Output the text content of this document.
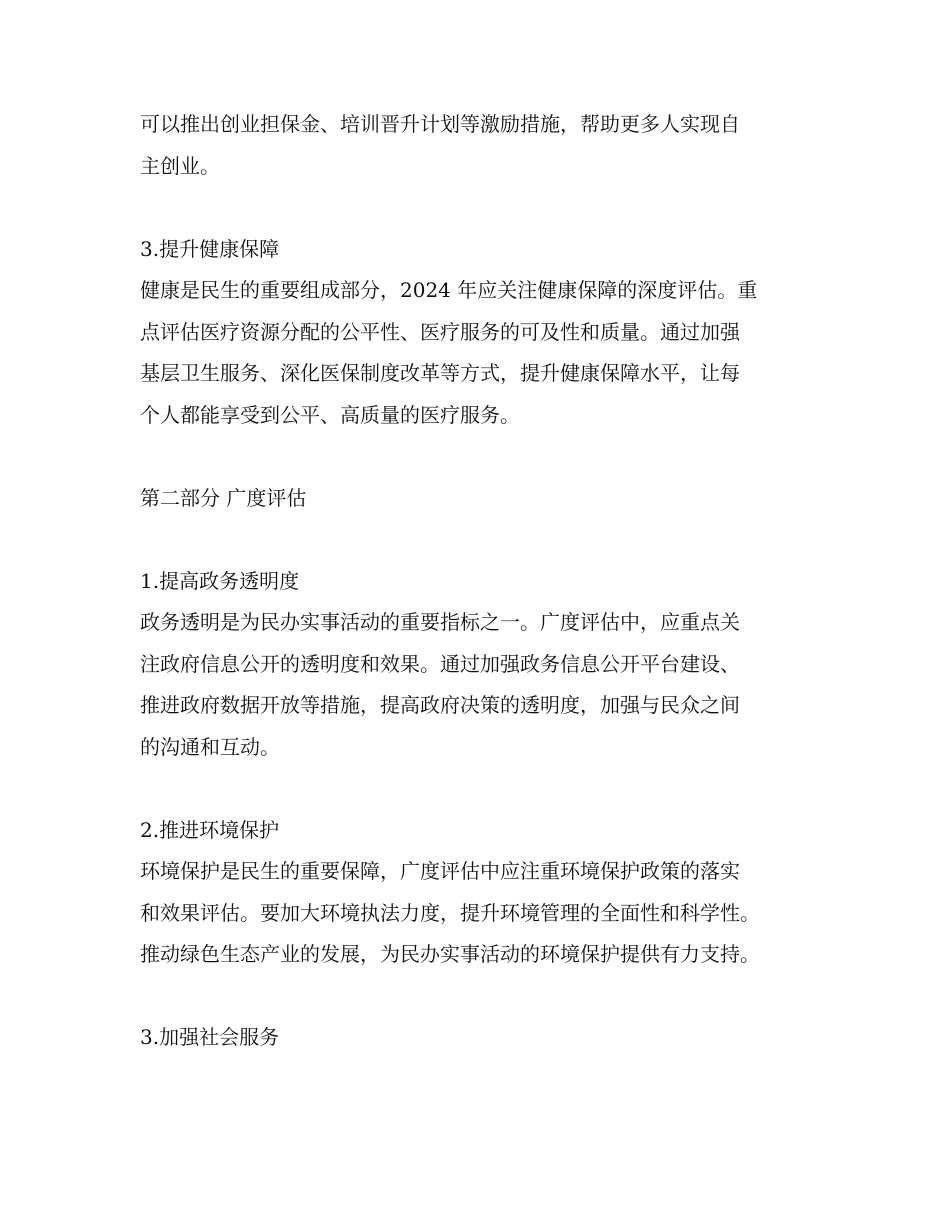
可以推出创业担保金、培训晋升计划等激励措施，帮助更多人实现自
主创业。
3.提升健康保障
健康是民生的重要组成部分，2024 年应关注健康保障的深度评估。重
点评估医疗资源分配的公平性、医疗服务的可及性和质量。通过加强
基层卫生服务、深化医保制度改革等方式，提升健康保障水平，让每
个人都能享受到公平、高质量的医疗服务。
第二部分 广度评估
1.提高政务透明度
政务透明是为民办实事活动的重要指标之一。广度评估中，应重点关
注政府信息公开的透明度和效果。通过加强政务信息公开平台建设、
推进政府数据开放等措施，提高政府决策的透明度，加强与民众之间
的沟通和互动。
2.推进环境保护
环境保护是民生的重要保障，广度评估中应注重环境保护政策的落实
和效果评估。要加大环境执法力度，提升环境管理的全面性和科学性。
推动绿色生态产业的发展，为民办实事活动的环境保护提供有力支持。
3.加强社会服务
